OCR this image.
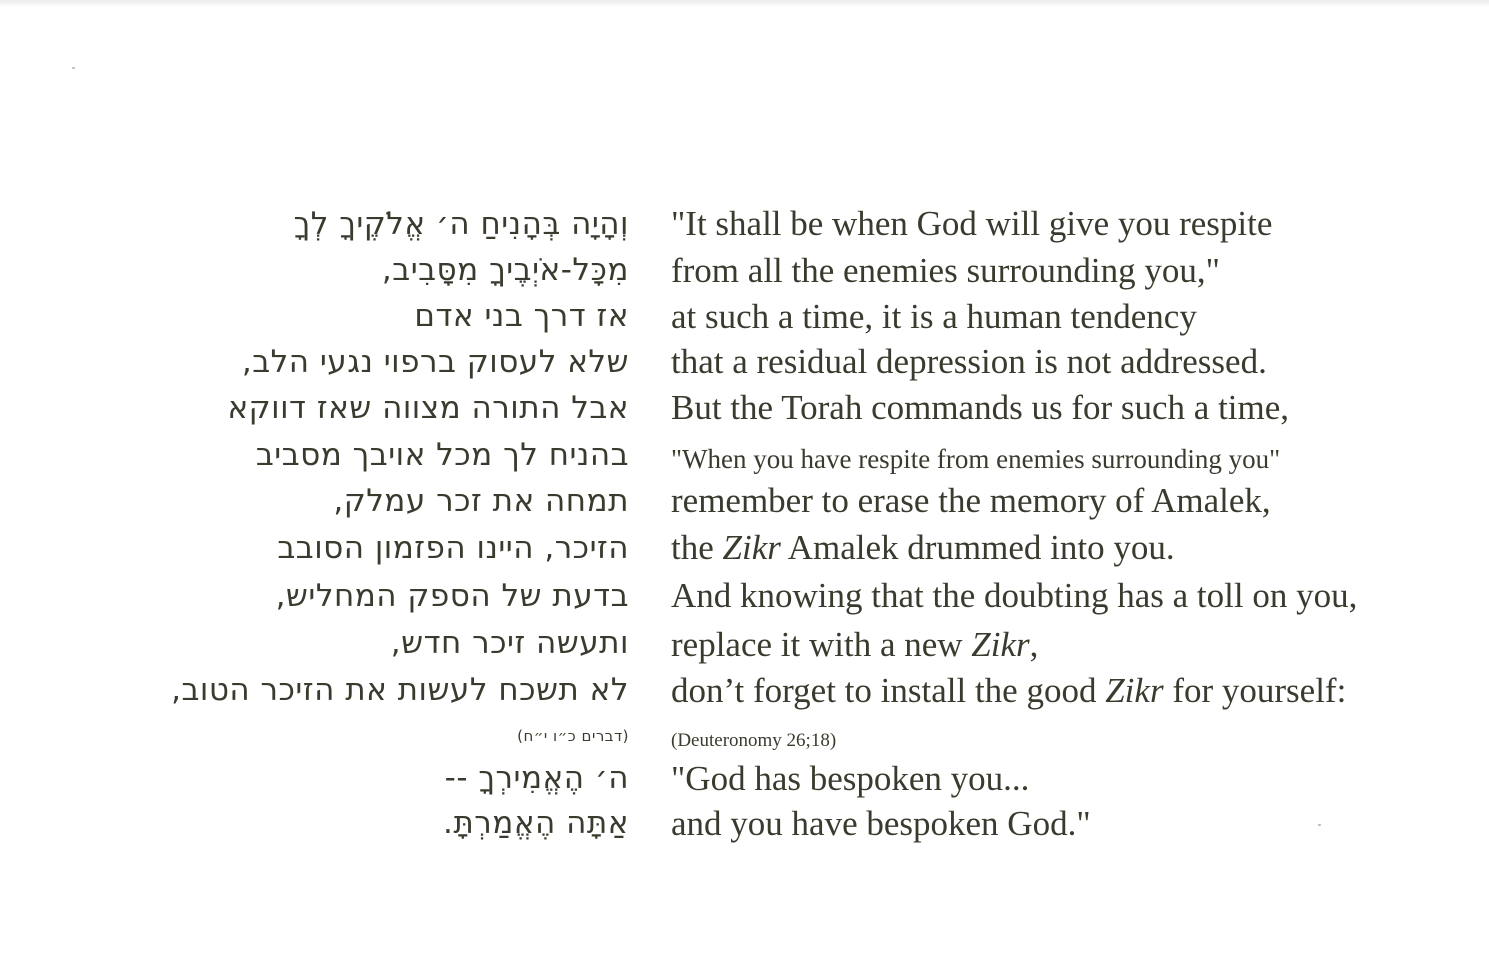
וְהָיָה בְּהָנִיחַ ה׳ אֱלֹקֶיךָ לְךָ
מִכָּל-אֹיְבֶיךָ מִסָּבִיב,
אז דרך בני אדם
שלא לעסוק ברפוי נגעי הלב,
אבל התורה מצווה שאז דווקא
בהניח לך מכל אויבך מסביב
תמחה את זכר עמלק,
הזיכר, היינו הפזמון הסובב
בדעת של הספק המחליש,
ותעשה זיכר חדש,
לא תשכח לעשות את הזיכר הטוב,
(דברים כ״ו י״ח)
ה׳ הֶאֱמִירְךָ --
אַתָּה הֶאֱמַרְתָּ.
"It shall be when God will give you respite
from all the enemies surrounding you,"
at such a time, it is a human tendency
that a residual depression is not addressed.
But the Torah commands us for such a time,
"When you have respite from enemies surrounding you"
remember to erase the memory of Amalek,
the Zikr Amalek drummed into you.
And knowing that the doubting has a toll on you,
replace it with a new Zikr,
don’t forget to install the good Zikr for yourself:
(Deuteronomy 26;18)
"God has bespoken you...
and you have bespoken God."
